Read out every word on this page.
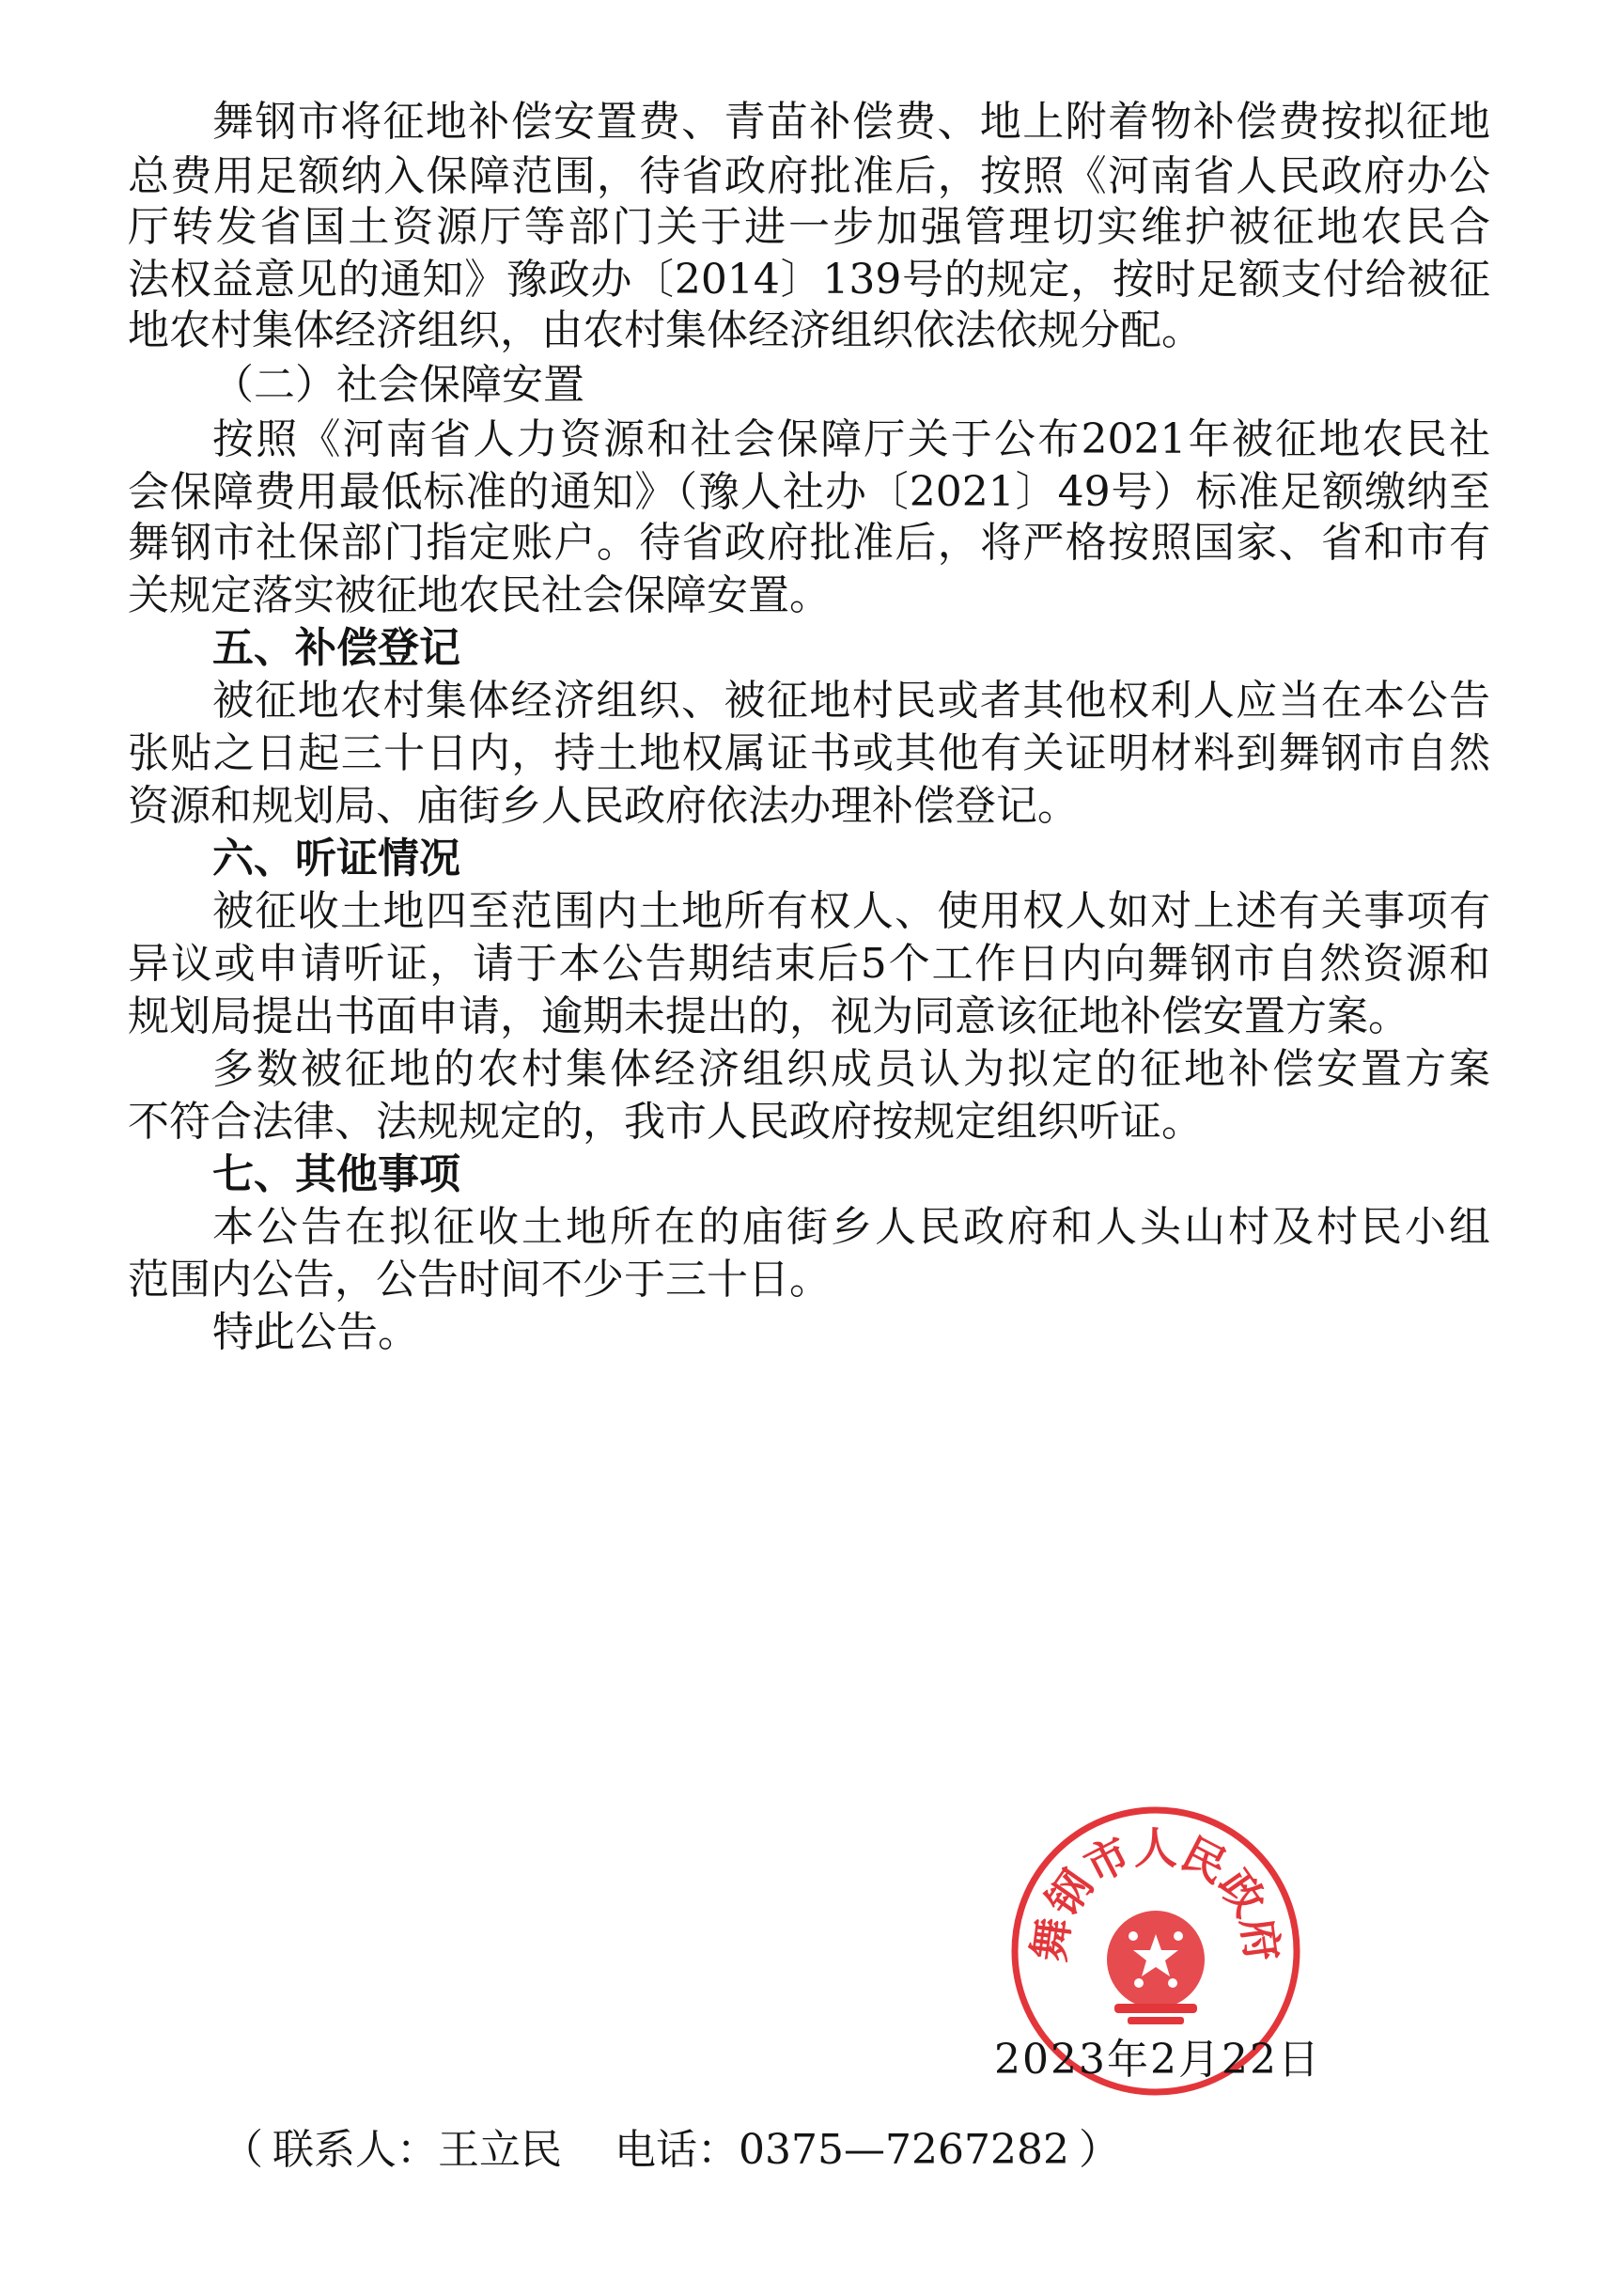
舞钢市将征地补偿安置费、青苗补偿费、地上附着物补偿费按拟征地
总费用足额纳入保障范围，待省政府批准后，按照《河南省人民政府办公
厅转发省国土资源厅等部门关于进一步加强管理切实维护被征地农民合
法权益意见的通知》豫政办〔2014〕139号的规定，按时足额支付给被征
地农村集体经济组织，由农村集体经济组织依法依规分配。
（二）社会保障安置
按照《河南省人力资源和社会保障厅关于公布2021年被征地农民社
会保障费用最低标准的通知》（豫人社办〔2021〕49号）标准足额缴纳至
舞钢市社保部门指定账户。待省政府批准后，将严格按照国家、省和市有
关规定落实被征地农民社会保障安置。
五、补偿登记
被征地农村集体经济组织、被征地村民或者其他权利人应当在本公告
张贴之日起三十日内，持土地权属证书或其他有关证明材料到舞钢市自然
资源和规划局、庙街乡人民政府依法办理补偿登记。
六、听证情况
被征收土地四至范围内土地所有权人、使用权人如对上述有关事项有
异议或申请听证，请于本公告期结束后5个工作日内向舞钢市自然资源和
规划局提出书面申请，逾期未提出的，视为同意该征地补偿安置方案。
多数被征地的农村集体经济组织成员认为拟定的征地补偿安置方案
不符合法律、法规规定的，我市人民政府按规定组织听证。
七、其他事项
本公告在拟征收土地所在的庙街乡人民政府和人头山村及村民小组
范围内公告，公告时间不少于三十日。
特此公告。
舞钢市人民政府
2023年2月22日
（ 联系人：王立民 电话：0375—7267282 ）
